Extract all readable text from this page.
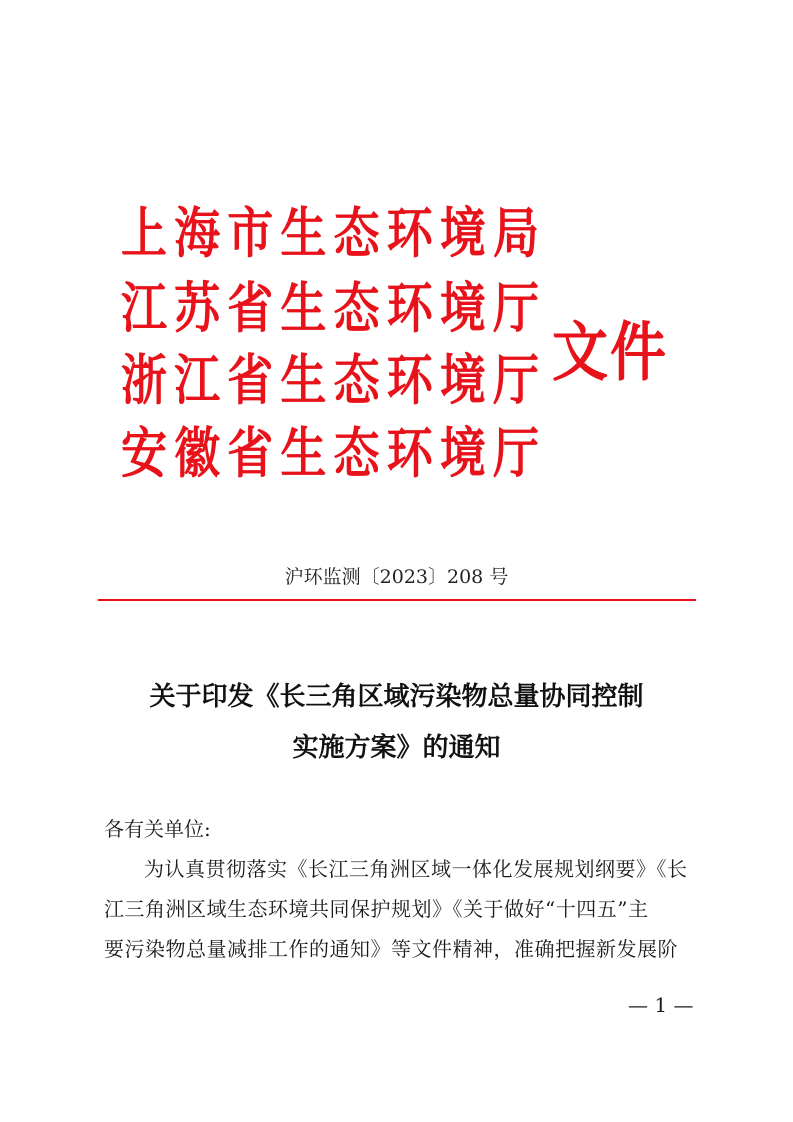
上 海 市 生 态 环 境 局
江 苏 省 生 态 环 境 厅
浙 江 省 生 态 环 境 厅
安 徽 省 生 态 环 境 厅
文件
沪环监测〔2023〕208 号
关于印发《长三角区域污染物总量协同控制
实施方案》的通知
各有关单位:
为认真贯彻落实《长江三角洲区域一体化发展规划纲要》《长
江三角洲区域生态环境共同保护规划》《关于做好“十四五”主
要污染物总量减排工作的通知》等文件精神，准确把握新发展阶
— 1 —
